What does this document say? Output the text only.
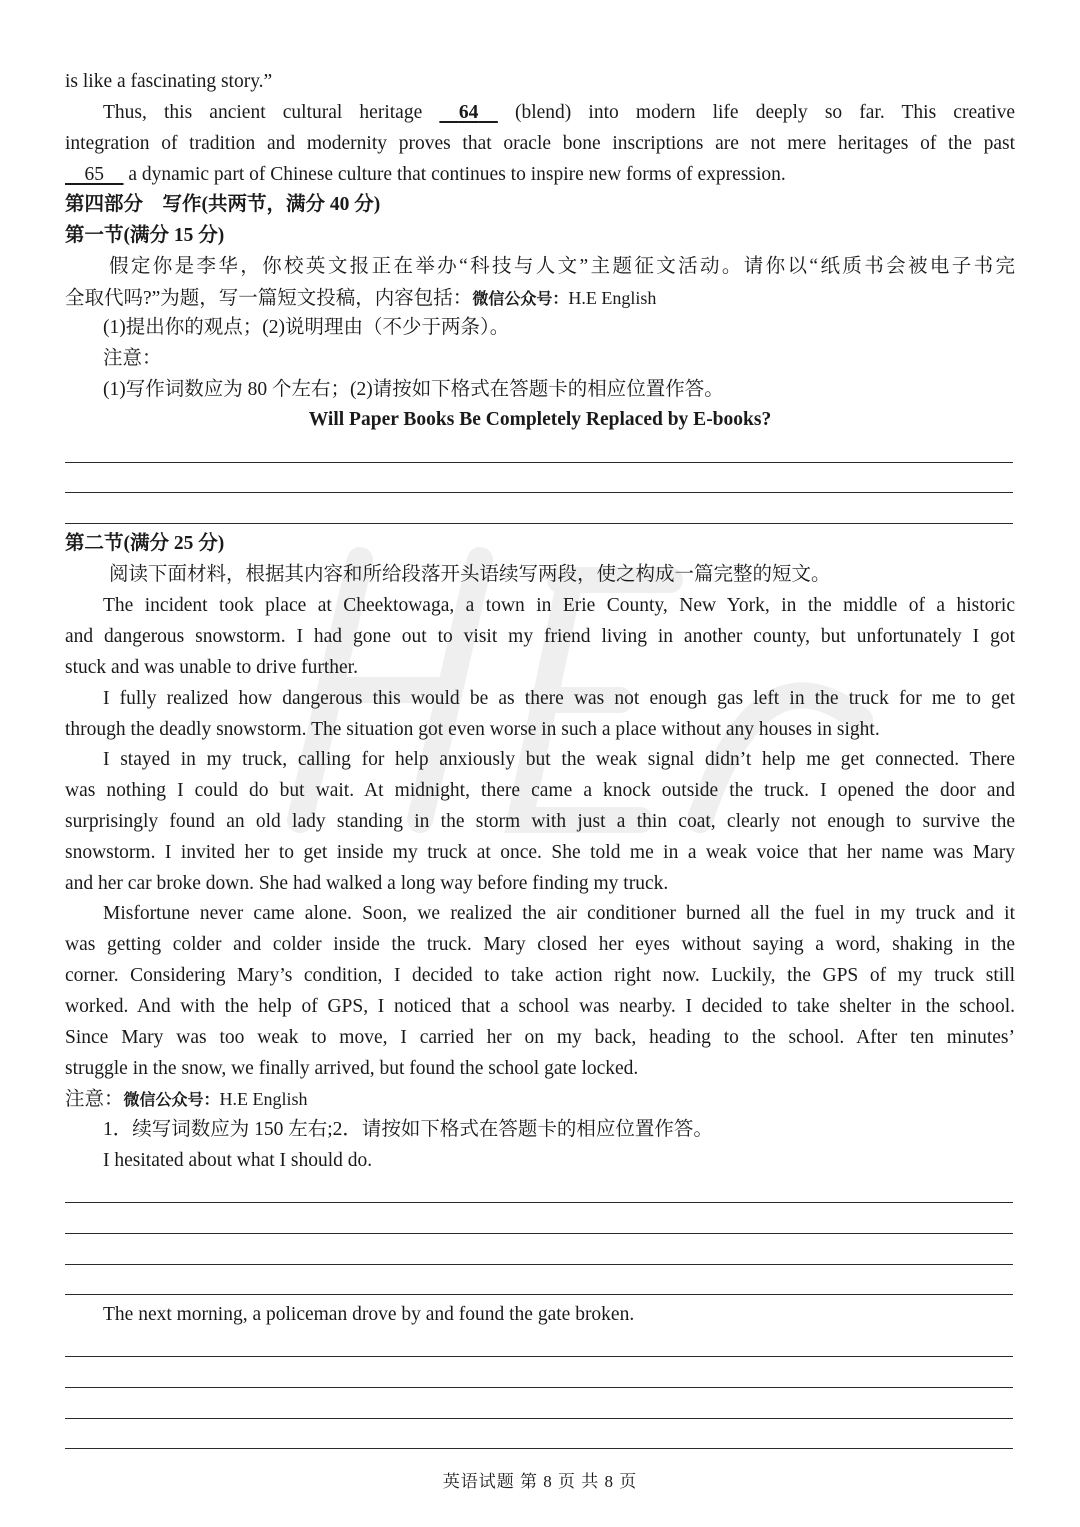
is like a fascinating story.”
Thus, this ancient cultural heritage     64     (blend) into modern life deeply so far. This creative
integration of tradition and modernity proves that oracle bone inscriptions are not mere heritages of the past
65     a dynamic part of Chinese culture that continues to inspire new forms of expression.
第四部分　写作(共两节，满分 40 分)
第一节(满分 15 分)
假定你是李华，你校英文报正在举办“科技与人文”主题征文活动。请你以“纸质书会被电子书完
全取代吗?”为题，写一篇短文投稿，内容包括：微信公众号：H.E English
(1)提出你的观点；(2)说明理由（不少于两条）。
注意：
(1)写作词数应为 80 个左右；(2)请按如下格式在答题卡的相应位置作答。
Will Paper Books Be Completely Replaced by E-books?
第二节(满分 25 分)
阅读下面材料，根据其内容和所给段落开头语续写两段，使之构成一篇完整的短文。
The incident took place at Cheektowaga, a town in Erie County, New York, in the middle of a historic
and dangerous snowstorm. I had gone out to visit my friend living in another county, but unfortunately I got
stuck and was unable to drive further.
I fully realized how dangerous this would be as there was not enough gas left in the truck for me to get
through the deadly snowstorm. The situation got even worse in such a place without any houses in sight.
I stayed in my truck, calling for help anxiously but the weak signal didn’t help me get connected. There
was nothing I could do but wait. At midnight, there came a knock outside the truck. I opened the door and
surprisingly found an old lady standing in the storm with just a thin coat, clearly not enough to survive the
snowstorm. I invited her to get inside my truck at once. She told me in a weak voice that her name was Mary
and her car broke down. She had walked a long way before finding my truck.
Misfortune never came alone. Soon, we realized the air conditioner burned all the fuel in my truck and it
was getting colder and colder inside the truck. Mary closed her eyes without saying a word, shaking in the
corner. Considering Mary’s condition, I decided to take action right now. Luckily, the GPS of my truck still
worked. And with the help of GPS, I noticed that a school was nearby. I decided to take shelter in the school.
Since Mary was too weak to move, I carried her on my back, heading to the school. After ten minutes’
struggle in the snow, we finally arrived, but found the school gate locked.
注意：微信公众号：H.E English
1．续写词数应为 150 左右;2．请按如下格式在答题卡的相应位置作答。
I hesitated about what I should do.
The next morning, a policeman drove by and found the gate broken.
英语试题 第 8 页 共 8 页
